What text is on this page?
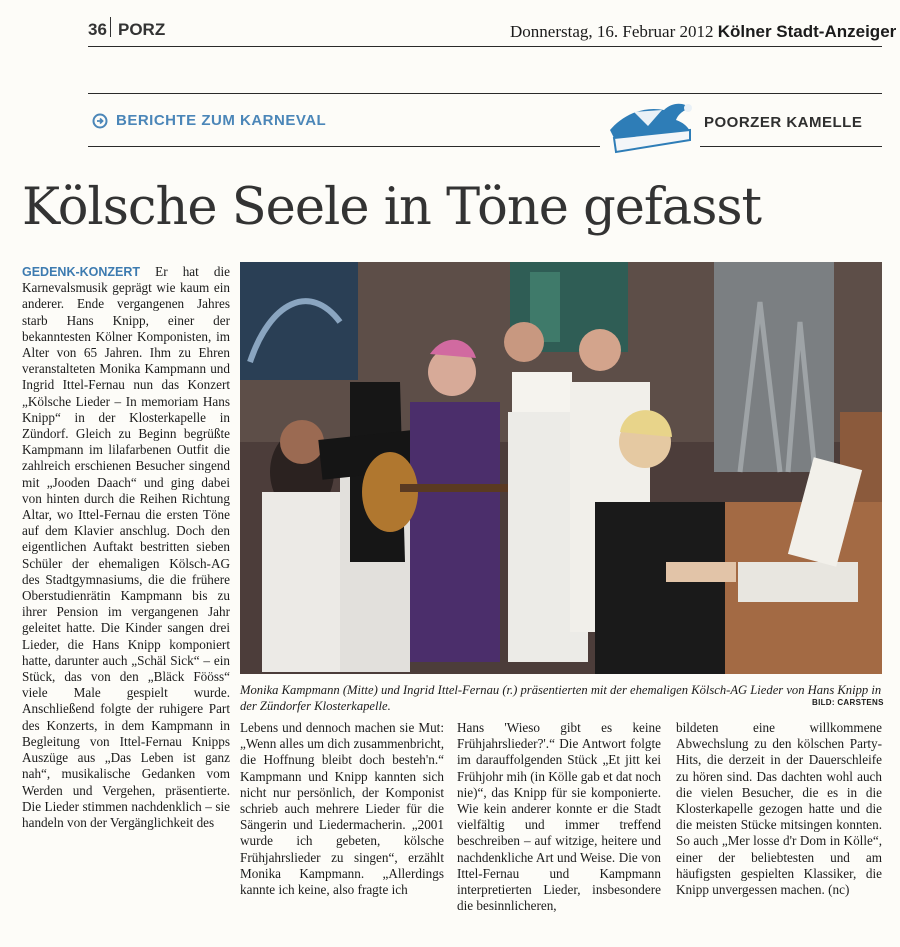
36 PORZ	Donnerstag, 16. Februar 2012 Kölner Stadt-Anzeiger
BERICHTE ZUM KARNEVAL	POORZER KAMELLE
Kölsche Seele in Töne gefasst

GEDENK-KONZERT Er hat die Karnevalsmusik geprägt wie kaum ein anderer. Ende vergangenen Jahres starb Hans Knipp, einer der bekanntesten Kölner Komponisten, im Alter von 65 Jahren. Ihm zu Ehren veranstalteten Monika Kampmann und Ingrid Ittel-Fernau nun das Konzert „Kölsche Lieder – In memoriam Hans Knipp“ in der Klosterkapelle in Zündorf. Gleich zu Beginn begrüßte Kampmann im lilafarbenen Outfit die zahlreich erschienen Besucher singend mit „Jooden Daach“ und ging dabei von hinten durch die Reihen Richtung Altar, wo Ittel-Fernau die ersten Töne auf dem Klavier anschlug. Doch den eigentlichen Auftakt bestritten sieben Schüler der ehemaligen Kölsch-AG des Stadtgymnasiums, die die frühere Oberstudienrätin Kampmann bis zu ihrer Pension im vergangenen Jahr geleitet hatte. Die Kinder sangen drei Lieder, die Hans Knipp komponiert hatte, darunter auch „Schäl Sick“ – ein Stück, das von den „Bläck Fööss“ viele Male gespielt wurde. Anschließend folgte der ruhigere Part des Konzerts, in dem Kampmann in Begleitung von Ittel-Fernau Knipps Auszüge aus „Das Leben ist ganz nah“, musikalische Gedanken vom Werden und Vergehen, präsentierte. Die Lieder stimmen nachdenklich – sie handeln von der Vergänglichkeit des

Monika Kampmann (Mitte) und Ingrid Ittel-Fernau (r.) präsentierten mit der ehemaligen Kölsch-AG Lieder von Hans Knipp in der Zündorfer Klosterkapelle.	BILD: CARSTENS

Lebens und dennoch machen sie Mut: „Wenn alles um dich zusammenbricht, die Hoffnung bleibt doch besteh'n.“ Kampmann und Knipp kannten sich nicht nur persönlich, der Komponist schrieb auch mehrere Lieder für die Sängerin und Liedermacherin. „2001 wurde ich gebeten, kölsche Frühjahrslieder zu singen“, erzählt Monika Kampmann. „Allerdings kannte ich keine, also fragte ich

Hans 'Wieso gibt es keine Frühjahrslieder?'.“ Die Antwort folgte im darauffolgenden Stück „Et jitt kei Frühjohr mih (in Kölle gab et dat noch nie)“, das Knipp für sie komponierte. Wie kein anderer konnte er die Stadt vielfältig und immer treffend beschreiben – auf witzige, heitere und nachdenkliche Art und Weise. Die von Ittel-Fernau und Kampmann interpretierten Lieder, insbesondere die besinnlicheren,

bildeten eine willkommene Abwechslung zu den kölschen Party-Hits, die derzeit in der Dauerschleife zu hören sind. Das dachten wohl auch die vielen Besucher, die es in die Klosterkapelle gezogen hatte und die die meisten Stücke mitsingen konnten. So auch „Mer losse d'r Dom in Kölle“, einer der beliebtesten und am häufigsten gespielten Klassiker, die Knipp unvergessen machen. (nc)
